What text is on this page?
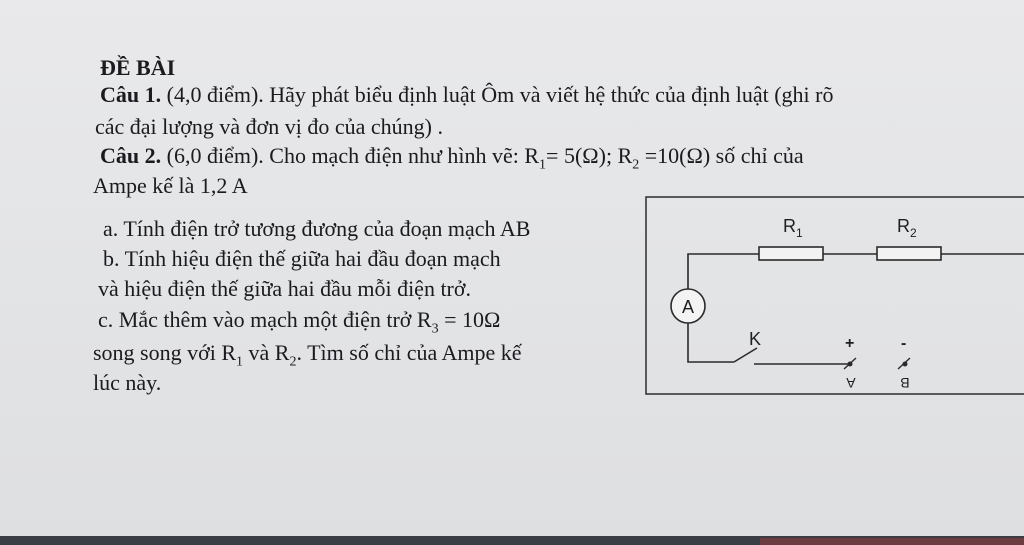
ĐỀ BÀI
Câu 1. (4,0 điểm). Hãy phát biểu định luật Ôm và viết hệ thức của định luật (ghi rõ
các đại lượng và đơn vị đo của chúng) .
Câu 2. (6,0 điểm). Cho mạch điện như hình vẽ: $R_1= 5(\Omega)$; $R_2 =10(\Omega)$ số chỉ của
Ampe kế là 1,2 A
a. Tính điện trở tương đương của đoạn mạch AB
b. Tính hiệu điện thế giữa hai đầu đoạn mạch
và hiệu điện thế giữa hai đầu mỗi điện trở.
c. Mắc thêm vào mạch một điện trở $R_3 = 10\Omega$
song song với $R_1$ và $R_2$. Tìm số chỉ của Ampe kế
lúc này.
A
K	+
A
-
B
$R_1$	$R_2$
